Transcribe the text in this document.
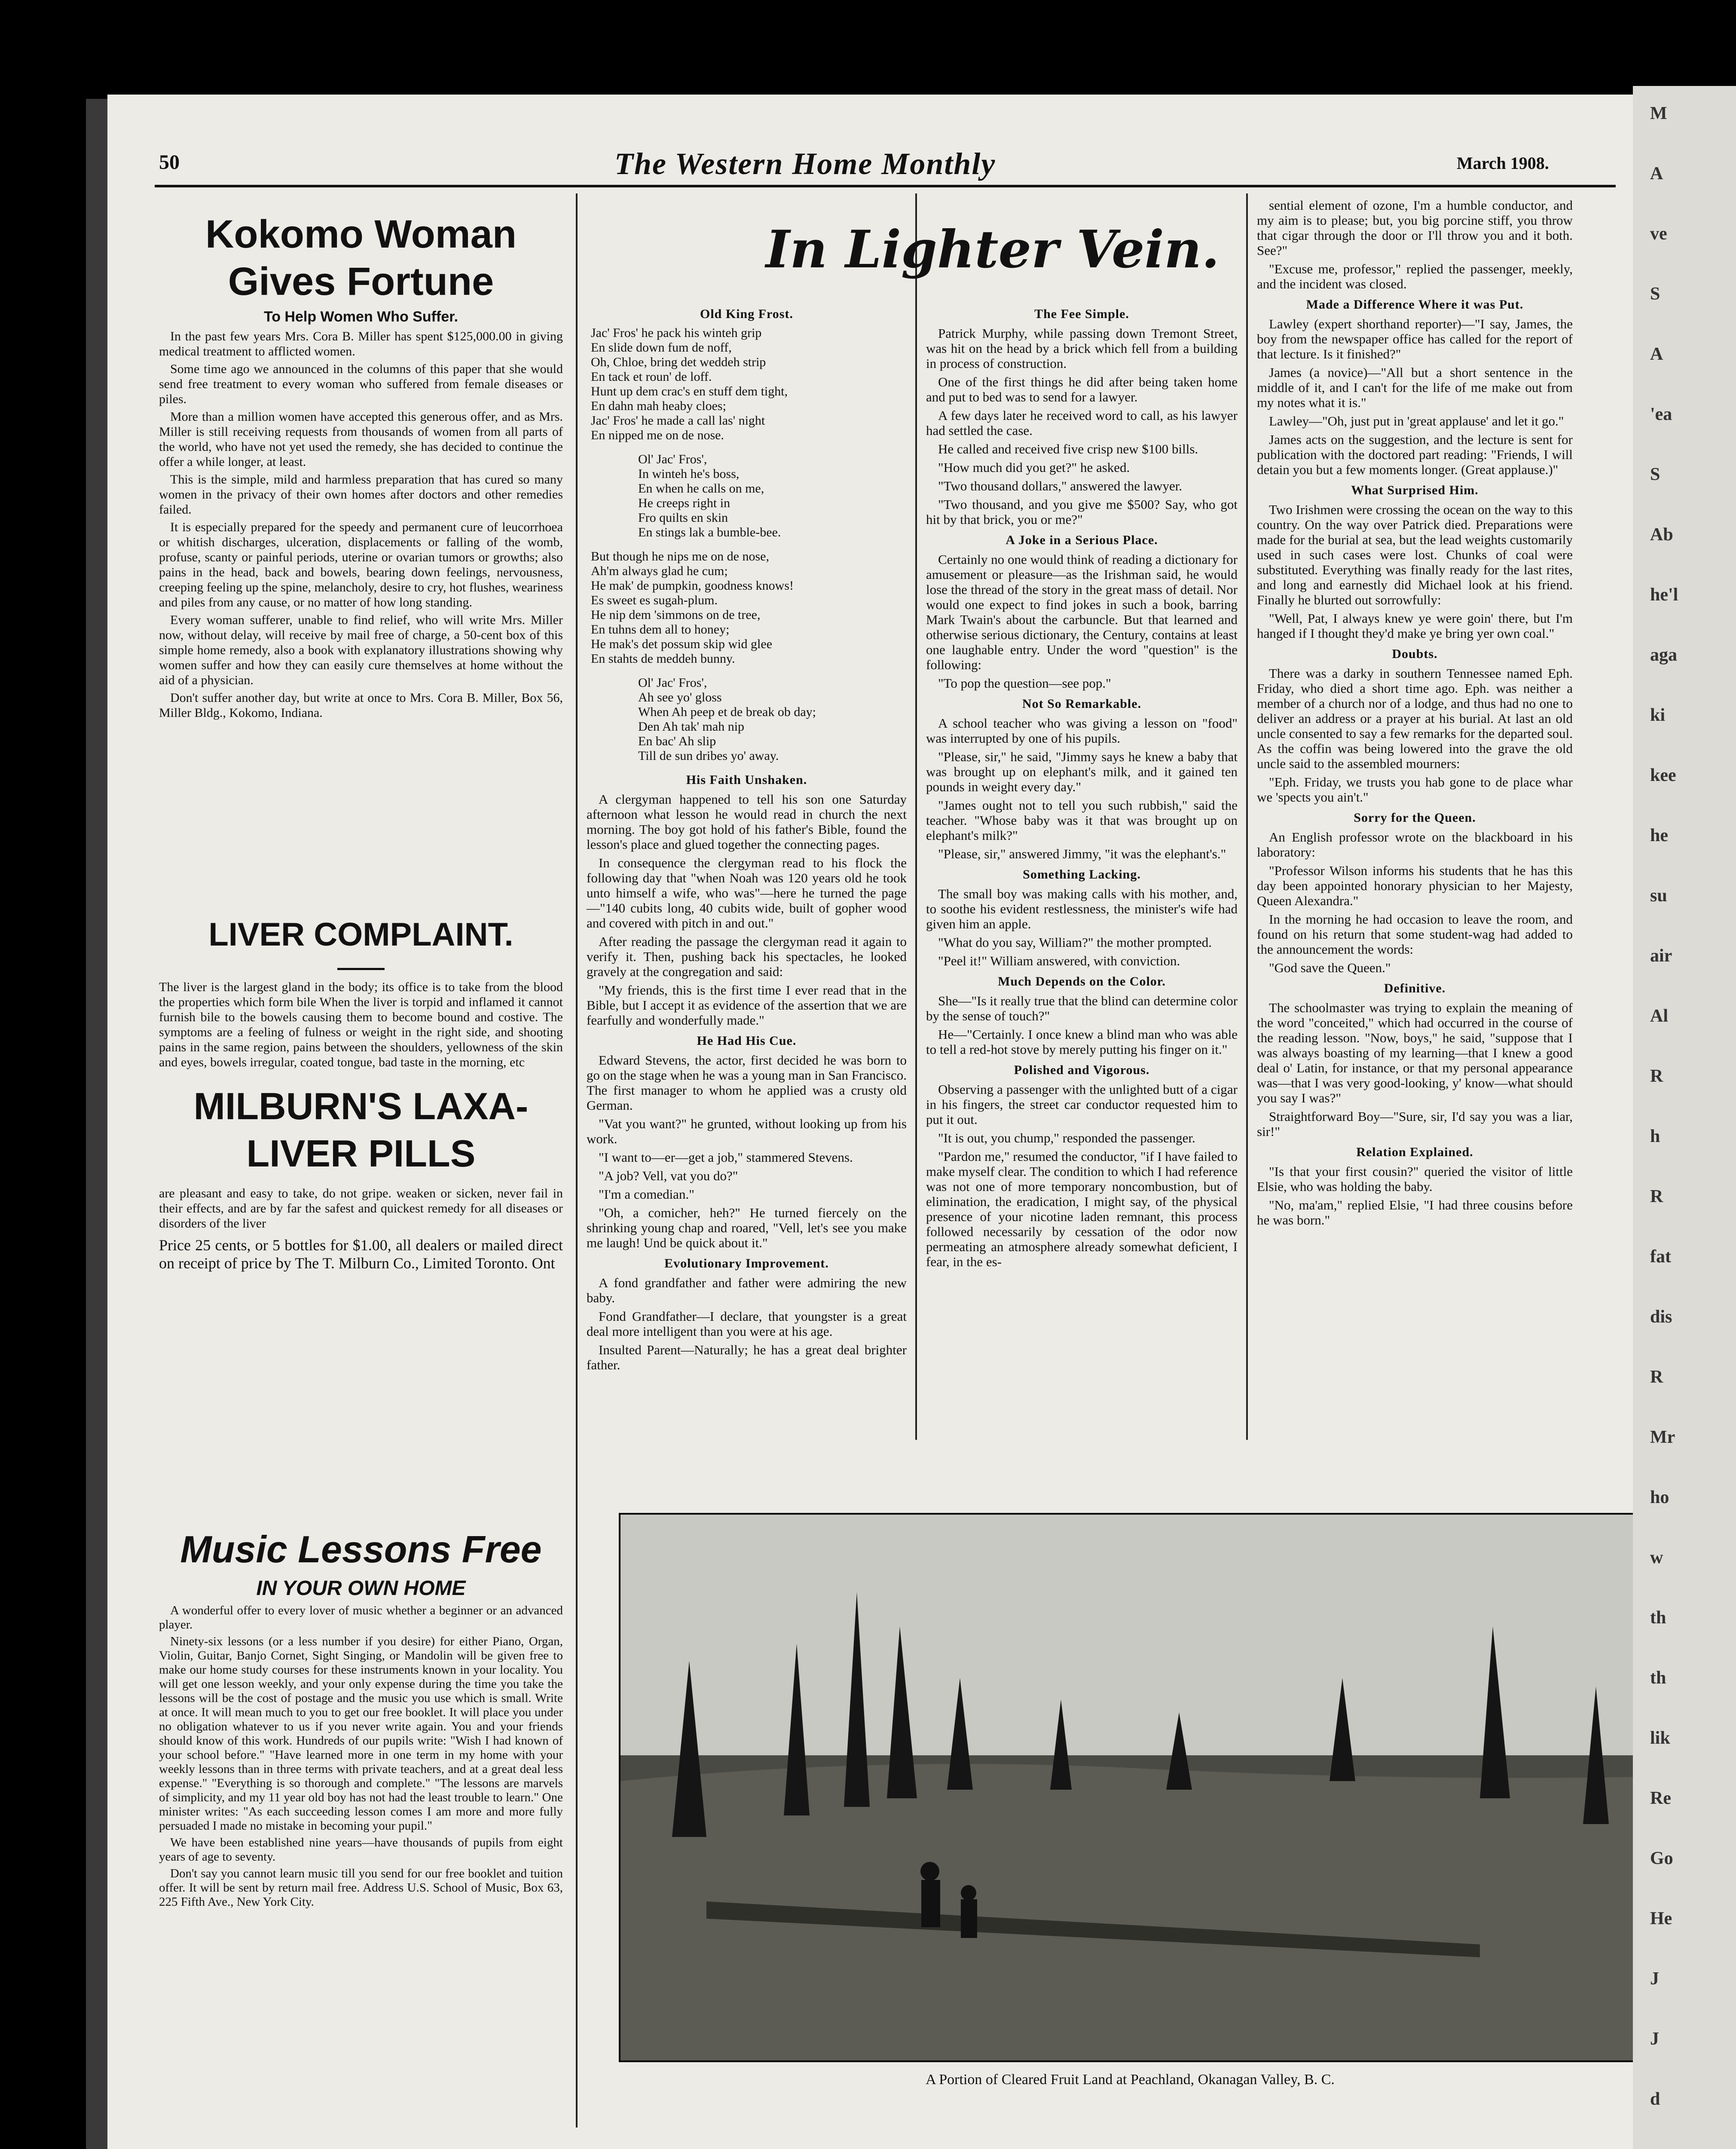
M

A

ve

S

A

'ea

S

Ab

he'l

aga

ki

kee

he

su

air

Al

R

h

R

fat

dis

R

Mr

ho

w

th

th

lik

Re

Go

He

J

J

d

50	The Western Home Monthly	March 1908.
Kokomo Woman Gives Fortune
To Help Women Who Suffer.

In the past few years Mrs. Cora B. Miller has spent $125,000.00 in giving medical treatment to afflicted women.

Some time ago we announced in the columns of this paper that she would send free treatment to every woman who suffered from female diseases or piles.

More than a million women have accepted this generous offer, and as Mrs. Miller is still receiving requests from thousands of women from all parts of the world, who have not yet used the remedy, she has decided to continue the offer a while longer, at least.

This is the simple, mild and harmless preparation that has cured so many women in the privacy of their own homes after doctors and other remedies failed.

It is especially prepared for the speedy and permanent cure of leucorrhoea or whitish discharges, ulceration, displacements or falling of the womb, profuse, scanty or painful periods, uterine or ovarian tumors or growths; also pains in the head, back and bowels, bearing down feelings, nervousness, creeping feeling up the spine, melancholy, desire to cry, hot flushes, weariness and piles from any cause, or no matter of how long standing.

Every woman sufferer, unable to find relief, who will write Mrs. Miller now, without delay, will receive by mail free of charge, a 50-cent box of this simple home remedy, also a book with explanatory illustrations showing why women suffer and how they can easily cure themselves at home without the aid of a physician.

Don't suffer another day, but write at once to Mrs. Cora B. Miller, Box 56, Miller Bldg., Kokomo, Indiana.

LIVER COMPLAINT.
The liver is the largest gland in the body; its office is to take from the blood the properties which form bile When the liver is torpid and inflamed it cannot furnish bile to the bowels causing them to become bound and costive. The symptoms are a feeling of fulness or weight in the right side, and shooting pains in the same region, pains between the shoulders, yellowness of the skin and eyes, bowels irregular, coated tongue, bad taste in the morning, etc
MILBURN'S LAXA-LIVER PILLS
are pleasant and easy to take, do not gripe. weaken or sicken, never fail in their effects, and are by far the safest and quickest remedy for all diseases or disorders of the liver
Price 25 cents, or 5 bottles for $1.00, all dealers or mailed direct on receipt of price by The T. Milburn Co., Limited Toronto. Ont
Music Lessons Free
IN YOUR OWN HOME

A wonderful offer to every lover of music whether a beginner or an advanced player.

Ninety-six lessons (or a less number if you desire) for either Piano, Organ, Violin, Guitar, Banjo Cornet, Sight Singing, or Mandolin will be given free to make our home study courses for these instruments known in your locality. You will get one lesson weekly, and your only expense during the time you take the lessons will be the cost of postage and the music you use which is small. Write at once. It will mean much to you to get our free booklet. It will place you under no obligation whatever to us if you never write again. You and your friends should know of this work. Hundreds of our pupils write: "Wish I had known of your school before." "Have learned more in one term in my home with your weekly lessons than in three terms with private teachers, and at a great deal less expense." "Everything is so thorough and complete." "The lessons are marvels of simplicity, and my 11 year old boy has not had the least trouble to learn." One minister writes: "As each succeeding lesson comes I am more and more fully persuaded I made no mistake in becoming your pupil."

We have been established nine years—have thousands of pupils from eight years of age to seventy.

Don't say you cannot learn music till you send for our free booklet and tuition offer. It will be sent by return mail free. Address U.S. School of Music, Box 63, 225 Fifth Ave., New York City.

In Lighter Vein.
Old King Frost.
Jac' Fros' he pack his winteh grip
En slide down fum de noff,
Oh, Chloe, bring det weddeh strip
En tack et roun' de loff.
Hunt up dem crac's en stuff dem tight,
En dahn mah heaby cloes;
Jac' Fros' he made a call las' night
En nipped me on de nose.
Ol' Jac' Fros',
In winteh he's boss,
En when he calls on me,
He creeps right in
Fro quilts en skin
En stings lak a bumble-bee.
But though he nips me on de nose,
Ah'm always glad he cum;
He mak' de pumpkin, goodness knows!
Es sweet es sugah-plum.
He nip dem 'simmons on de tree,
En tuhns dem all to honey;
He mak's det possum skip wid glee
En stahts de meddeh bunny.
Ol' Jac' Fros',
Ah see yo' gloss
When Ah peep et de break ob day;
Den Ah tak' mah nip
En bac' Ah slip
Till de sun dribes yo' away.
His Faith Unshaken.

A clergyman happened to tell his son one Saturday afternoon what lesson he would read in church the next morning. The boy got hold of his father's Bible, found the lesson's place and glued together the connecting pages.

In consequence the clergyman read to his flock the following day that "when Noah was 120 years old he took unto himself a wife, who was"—here he turned the page—"140 cubits long, 40 cubits wide, built of gopher wood and covered with pitch in and out."

After reading the passage the clergyman read it again to verify it. Then, pushing back his spectacles, he looked gravely at the congregation and said:

"My friends, this is the first time I ever read that in the Bible, but I accept it as evidence of the assertion that we are fearfully and wonderfully made."

He Had His Cue.

Edward Stevens, the actor, first decided he was born to go on the stage when he was a young man in San Francisco. The first manager to whom he applied was a crusty old German.

"Vat you want?" he grunted, without looking up from his work.

"I want to—er—get a job," stammered Stevens.

"A job? Vell, vat you do?"

"I'm a comedian."

"Oh, a comicher, heh?" He turned fiercely on the shrinking young chap and roared, "Vell, let's see you make me laugh! Und be quick about it."

Evolutionary Improvement.

A fond grandfather and father were admiring the new baby.

Fond Grandfather—I declare, that youngster is a great deal more intelligent than you were at his age.

Insulted Parent—Naturally; he has a great deal brighter father.

The Fee Simple.

Patrick Murphy, while passing down Tremont Street, was hit on the head by a brick which fell from a building in process of construction.

One of the first things he did after being taken home and put to bed was to send for a lawyer.

A few days later he received word to call, as his lawyer had settled the case.

He called and received five crisp new $100 bills.

"How much did you get?" he asked.

"Two thousand dollars," answered the lawyer.

"Two thousand, and you give me $500? Say, who got hit by that brick, you or me?"

A Joke in a Serious Place.

Certainly no one would think of reading a dictionary for amusement or pleasure—as the Irishman said, he would lose the thread of the story in the great mass of detail. Nor would one expect to find jokes in such a book, barring Mark Twain's about the carbuncle. But that learned and otherwise serious dictionary, the Century, contains at least one laughable entry. Under the word "question" is the following:

"To pop the question—see pop."

Not So Remarkable.

A school teacher who was giving a lesson on "food" was interrupted by one of his pupils.

"Please, sir," he said, "Jimmy says he knew a baby that was brought up on elephant's milk, and it gained ten pounds in weight every day."

"James ought not to tell you such rubbish," said the teacher. "Whose baby was it that was brought up on elephant's milk?"

"Please, sir," answered Jimmy, "it was the elephant's."

Something Lacking.

The small boy was making calls with his mother, and, to soothe his evident restlessness, the minister's wife had given him an apple.

"What do you say, William?" the mother prompted.

"Peel it!" William answered, with conviction.

Much Depends on the Color.

She—"Is it really true that the blind can determine color by the sense of touch?"

He—"Certainly. I once knew a blind man who was able to tell a red-hot stove by merely putting his finger on it."

Polished and Vigorous.

Observing a passenger with the unlighted butt of a cigar in his fingers, the street car conductor requested him to put it out.

"It is out, you chump," responded the passenger.

"Pardon me," resumed the conductor, "if I have failed to make myself clear. The condition to which I had reference was not one of more temporary noncombustion, but of elimination, the eradication, I might say, of the physical presence of your nicotine laden remnant, this process followed necessarily by cessation of the odor now permeating an atmosphere already somewhat deficient, I fear, in the es-

sential element of ozone, I'm a humble conductor, and my aim is to please; but, you big porcine stiff, you throw that cigar through the door or I'll throw you and it both. See?"

"Excuse me, professor," replied the passenger, meekly, and the incident was closed.

Made a Difference Where it was Put.

Lawley (expert shorthand reporter)—"I say, James, the boy from the newspaper office has called for the report of that lecture. Is it finished?"

James (a novice)—"All but a short sentence in the middle of it, and I can't for the life of me make out from my notes what it is."

Lawley—"Oh, just put in 'great applause' and let it go."

James acts on the suggestion, and the lecture is sent for publication with the doctored part reading: "Friends, I will detain you but a few moments longer. (Great applause.)"

What Surprised Him.

Two Irishmen were crossing the ocean on the way to this country. On the way over Patrick died. Preparations were made for the burial at sea, but the lead weights customarily used in such cases were lost. Chunks of coal were substituted. Everything was finally ready for the last rites, and long and earnestly did Michael look at his friend. Finally he blurted out sorrowfully:

"Well, Pat, I always knew ye were goin' there, but I'm hanged if I thought they'd make ye bring yer own coal."

Doubts.

There was a darky in southern Tennessee named Eph. Friday, who died a short time ago. Eph. was neither a member of a church nor of a lodge, and thus had no one to deliver an address or a prayer at his burial. At last an old uncle consented to say a few remarks for the departed soul. As the coffin was being lowered into the grave the old uncle said to the assembled mourners:

"Eph. Friday, we trusts you hab gone to de place whar we 'spects you ain't."

Sorry for the Queen.

An English professor wrote on the blackboard in his laboratory:

"Professor Wilson informs his students that he has this day been appointed honorary physician to her Majesty, Queen Alexandra."

In the morning he had occasion to leave the room, and found on his return that some student-wag had added to the announcement the words:

"God save the Queen."

Definitive.

The schoolmaster was trying to explain the meaning of the word "conceited," which had occurred in the course of the reading lesson. "Now, boys," he said, "suppose that I was always boasting of my learning—that I knew a good deal o' Latin, for instance, or that my personal appearance was—that I was very good-looking, y' know—what should you say I was?"

Straightforward Boy—"Sure, sir, I'd say you was a liar, sir!"

Relation Explained.

"Is that your first cousin?" queried the visitor of little Elsie, who was holding the baby.

"No, ma'am," replied Elsie, "I had three cousins before he was born."

A Portion of Cleared Fruit Land at Peachland, Okanagan Valley, B. C.
